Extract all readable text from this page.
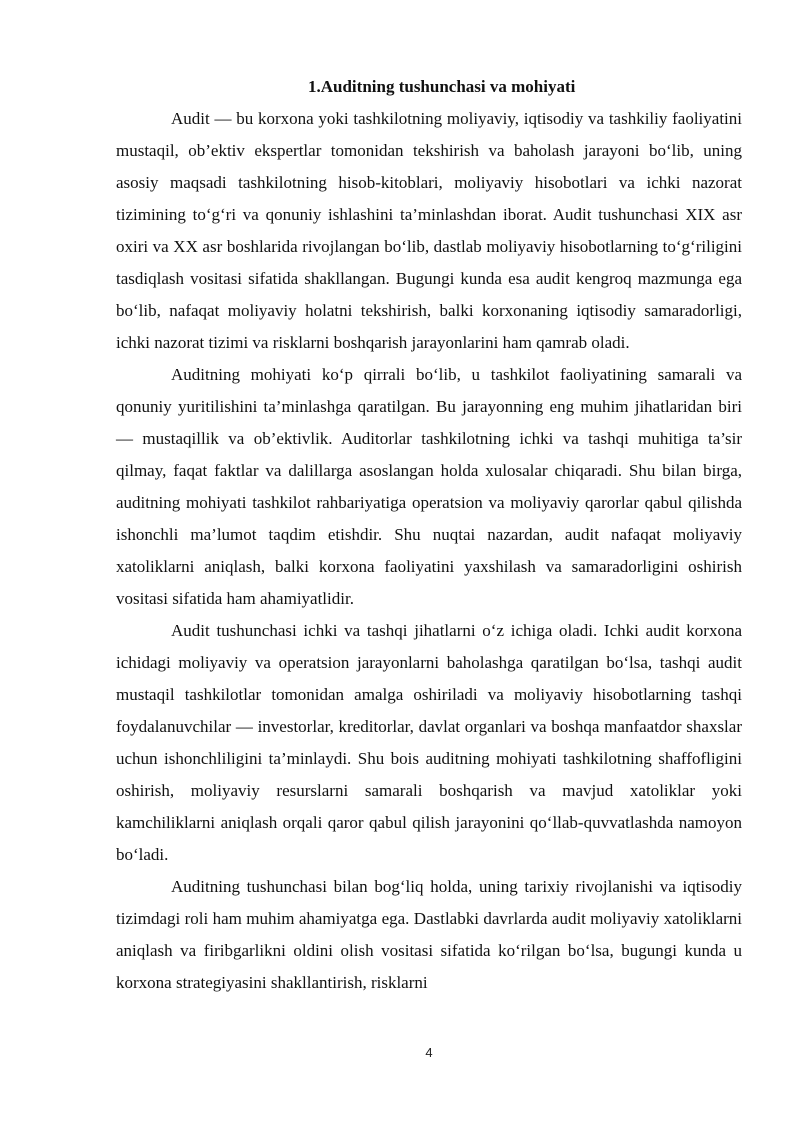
1.Auditning tushunchasi va mohiyati

Audit — bu korxona yoki tashkilotning moliyaviy, iqtisodiy va tashkiliy faoliyatini mustaqil, ob’ektiv ekspertlar tomonidan tekshirish va baholash jarayoni bo‘lib, uning asosiy maqsadi tashkilotning hisob-kitoblari, moliyaviy hisobotlari va ichki nazorat tizimining to‘g‘ri va qonuniy ishlashini ta’minlashdan iborat. Audit tushunchasi XIX asr oxiri va XX asr boshlarida rivojlangan bo‘lib, dastlab moliyaviy hisobotlarning to‘g‘riligini tasdiqlash vositasi sifatida shakllangan. Bugungi kunda esa audit kengroq mazmunga ega bo‘lib, nafaqat moliyaviy holatni tekshirish, balki korxonaning iqtisodiy samaradorligi, ichki nazorat tizimi va risklarni boshqarish jarayonlarini ham qamrab oladi.

Auditning mohiyati ko‘p qirrali bo‘lib, u tashkilot faoliyatining samarali va qonuniy yuritilishini ta’minlashga qaratilgan. Bu jarayonning eng muhim jihatlaridan biri — mustaqillik va ob’ektivlik. Auditorlar tashkilotning ichki va tashqi muhitiga ta’sir qilmay, faqat faktlar va dalillarga asoslangan holda xulosalar chiqaradi. Shu bilan birga, auditning mohiyati tashkilot rahbariyatiga operatsion va moliyaviy qarorlar qabul qilishda ishonchli ma’lumot taqdim etishdir. Shu nuqtai nazardan, audit nafaqat moliyaviy xatoliklarni aniqlash, balki korxona faoliyatini yaxshilash va samaradorligini oshirish vositasi sifatida ham ahamiyatlidir.

Audit tushunchasi ichki va tashqi jihatlarni o‘z ichiga oladi. Ichki audit korxona ichidagi moliyaviy va operatsion jarayonlarni baholashga qaratilgan bo‘lsa, tashqi audit mustaqil tashkilotlar tomonidan amalga oshiriladi va moliyaviy hisobotlarning tashqi foydalanuvchilar — investorlar, kreditorlar, davlat organlari va boshqa manfaatdor shaxslar uchun ishonchliligini ta’minlaydi. Shu bois auditning mohiyati tashkilotning shaffofligini oshirish, moliyaviy resurslarni samarali boshqarish va mavjud xatoliklar yoki kamchiliklarni aniqlash orqali qaror qabul qilish jarayonini qo‘llab-quvvatlashda namoyon bo‘ladi.

Auditning tushunchasi bilan bog‘liq holda, uning tarixiy rivojlanishi va iqtisodiy tizimdagi roli ham muhim ahamiyatga ega. Dastlabki davrlarda audit moliyaviy xatoliklarni aniqlash va firibgarlikni oldini olish vositasi sifatida ko‘rilgan bo‘lsa, bugungi kunda u korxona strategiyasini shakllantirish, risklarni

4
